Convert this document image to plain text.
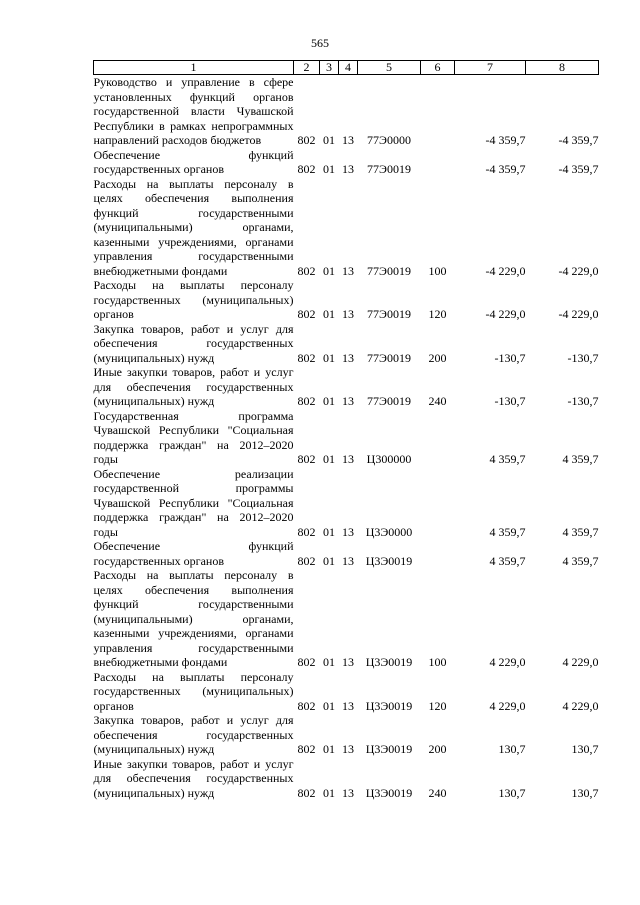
565
1	2	3	4	5	6	7	8
Руководство и управление в сфере установленных функций органов государственной власти Чувашской Республики в рамках непрограммных направлений расходов бюджетов	802	01	13	77Э0000		-4 359,7	-4 359,7
Обеспечение функций государственных органов	802	01	13	77Э0019		-4 359,7	-4 359,7
Расходы на выплаты персоналу в целях обеспечения выполнения функций государственными (муниципальными) органами, казенными учреждениями, органами управления государственными внебюджетными фондами	802	01	13	77Э0019	100	-4 229,0	-4 229,0
Расходы на выплаты персоналу государственных (муниципальных) органов	802	01	13	77Э0019	120	-4 229,0	-4 229,0
Закупка товаров, работ и услуг для обеспечения государственных (муниципальных) нужд	802	01	13	77Э0019	200	-130,7	-130,7
Иные закупки товаров, работ и услуг для обеспечения государственных (муниципальных) нужд	802	01	13	77Э0019	240	-130,7	-130,7
Государственная программа Чувашской Республики "Социальная поддержка граждан" на 2012–2020 годы	802	01	13	Ц300000		4 359,7	4 359,7
Обеспечение реализации государственной программы Чувашской Республики "Социальная поддержка граждан" на 2012–2020 годы	802	01	13	Ц3Э0000		4 359,7	4 359,7
Обеспечение функций государственных органов	802	01	13	Ц3Э0019		4 359,7	4 359,7
Расходы на выплаты персоналу в целях обеспечения выполнения функций государственными (муниципальными) органами, казенными учреждениями, органами управления государственными внебюджетными фондами	802	01	13	Ц3Э0019	100	4 229,0	4 229,0
Расходы на выплаты персоналу государственных (муниципальных) органов	802	01	13	Ц3Э0019	120	4 229,0	4 229,0
Закупка товаров, работ и услуг для обеспечения государственных (муниципальных) нужд	802	01	13	Ц3Э0019	200	130,7	130,7
Иные закупки товаров, работ и услуг для обеспечения государственных (муниципальных) нужд	802	01	13	Ц3Э0019	240	130,7	130,7
